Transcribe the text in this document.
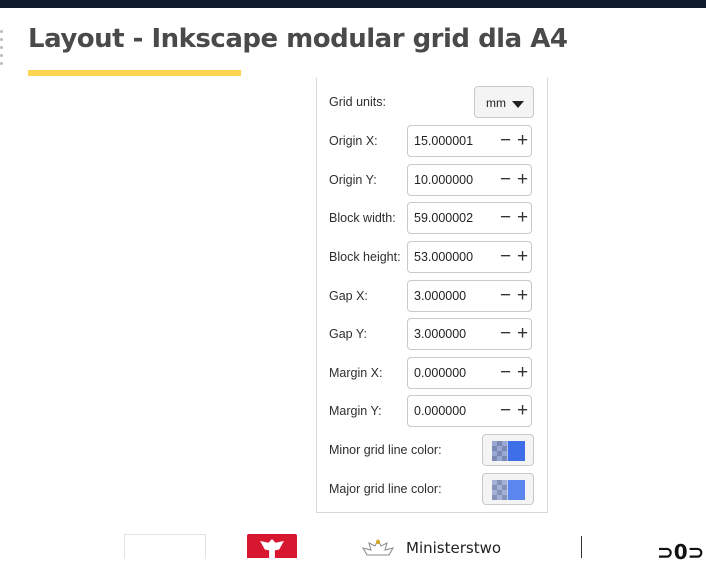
Layout - Inkscape modular grid dla A4
Grid units:	mm
Origin X:
15.000001	− +
Origin Y:
10.000000	− +
Block width:
59.000002	− +
Block height:
53.000000	− +
Gap X:
3.000000	− +
Gap Y:
3.000000	− +
Margin X:
0.000000	− +
Margin Y:
0.000000	− +
Minor grid line color:
Major grid line color:
Ministerstwo	⊃0⊃
